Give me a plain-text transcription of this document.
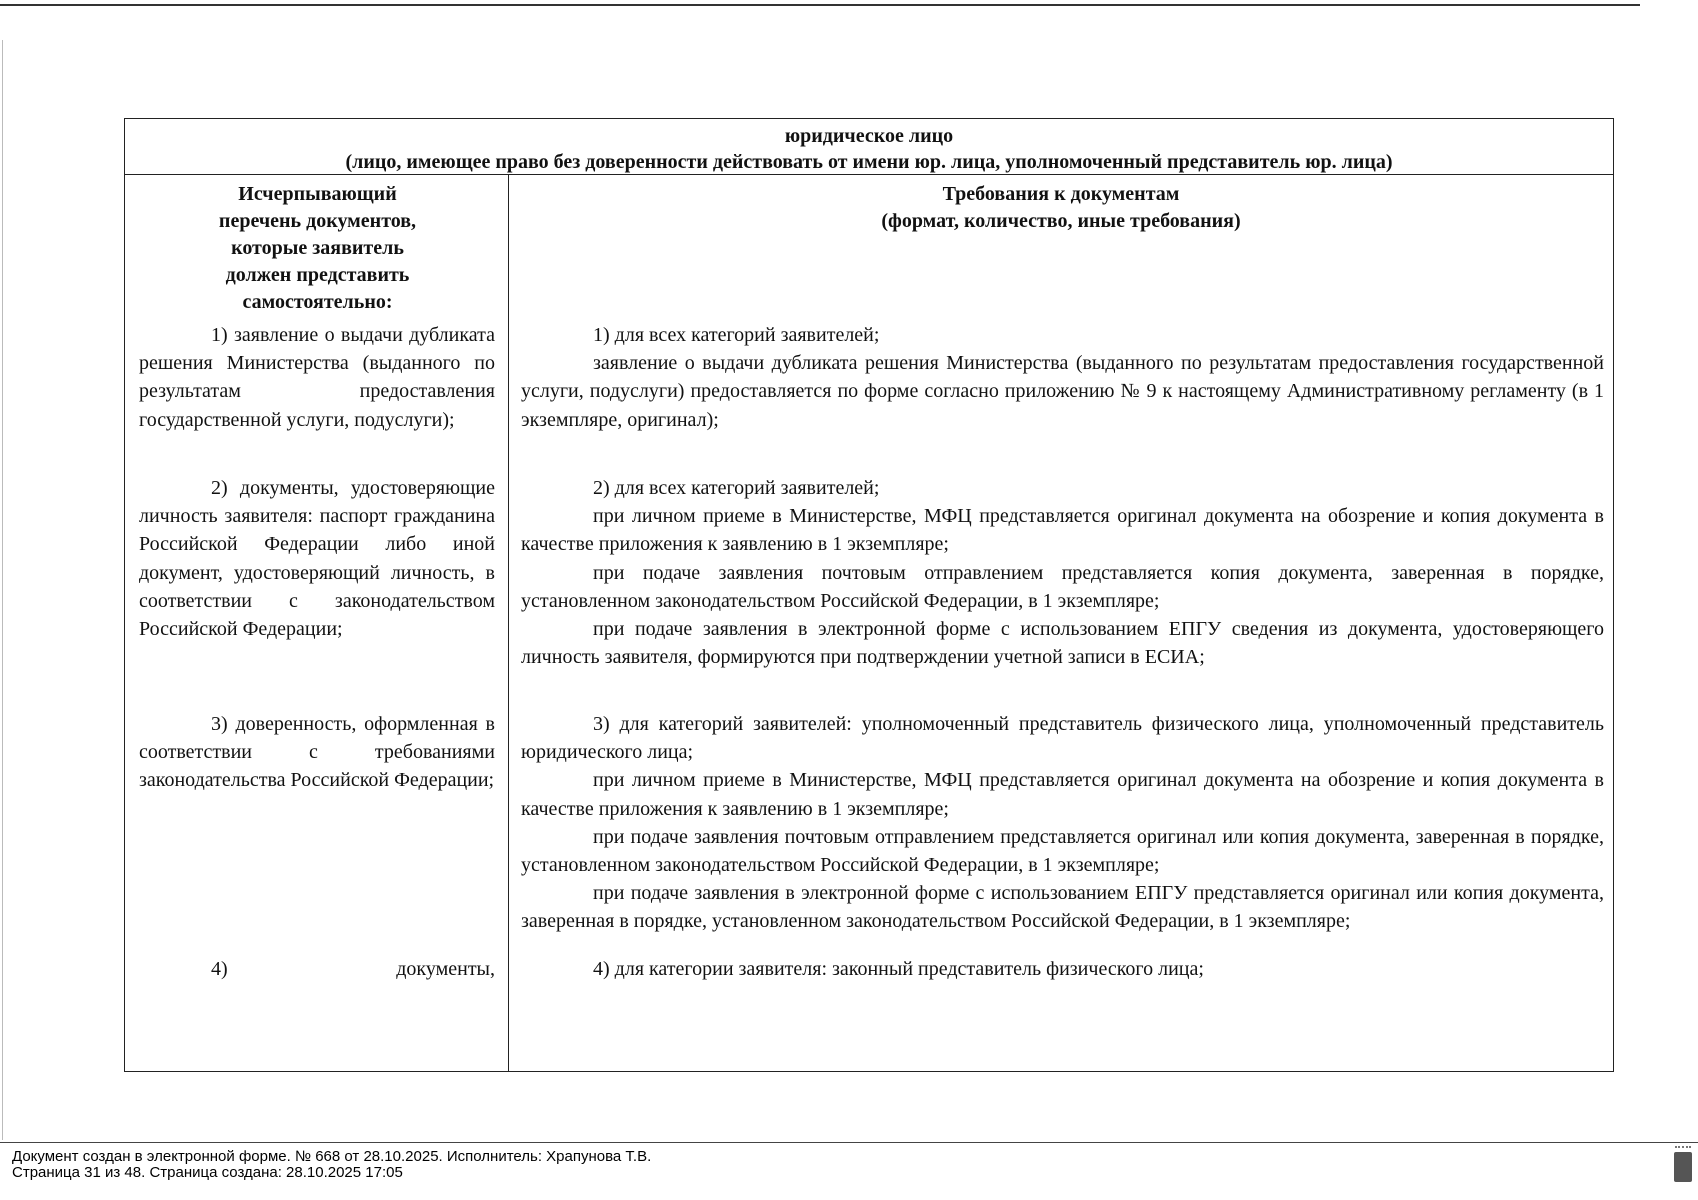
юридическое лицо
(лицо, имеющее право без доверенности действовать от имени юр. лица, уполномоченный представитель юр. лица)
Исчерпывающий
перечень документов,
которые заявитель
должен представить
самостоятельно:
Требования к документам
(формат, количество, иные требования)
1) заявление о выдачи дубликата решения Министерства (выданного по результатам предоставления государственной услуги, подуслуги);
2) документы, удостоверяющие личность заявителя: паспорт гражданина Российской Федерации либо иной документ, удостоверяющий личность, в соответствии с законодательством Российской Федерации;
3) доверенность, оформленная в соответствии с требованиями законодательства Российской Федерации;
4) документы,

1) для всех категорий заявителей;

заявление о выдачи дубликата решения Министерства (выданного по результатам предоставления государственной услуги, подуслуги) предоставляется по форме согласно приложению № 9 к настоящему Административному регламенту (в 1 экземпляре, оригинал);

2) для всех категорий заявителей;

при личном приеме в Министерстве, МФЦ представляется оригинал документа на обозрение и копия документа в качестве приложения к заявлению в 1 экземпляре;

при подаче заявления почтовым отправлением представляется копия документа, заверенная в порядке, установленном законодательством Российской Федерации, в 1 экземпляре;

при подаче заявления в электронной форме с использованием ЕПГУ сведения из документа, удостоверяющего личность заявителя, формируются при подтверждении учетной записи в ЕСИА;

3) для категорий заявителей: уполномоченный представитель физического лица, уполномоченный представитель юридического лица;

при личном приеме в Министерстве, МФЦ представляется оригинал документа на обозрение и копия документа в качестве приложения к заявлению в 1 экземпляре;

при подаче заявления почтовым отправлением представляется оригинал или копия документа, заверенная в порядке, установленном законодательством Российской Федерации, в 1 экземпляре;

при подаче заявления в электронной форме с использованием ЕПГУ представляется оригинал или копия документа, заверенная в порядке, установленном законодательством Российской Федерации, в 1 экземпляре;

4) для категории заявителя: законный представитель физического лица;

Документ создан в электронной форме. № 668 от 28.10.2025. Исполнитель: Храпунова Т.В.
Страница 31 из 48. Страница создана: 28.10.2025 17:05
